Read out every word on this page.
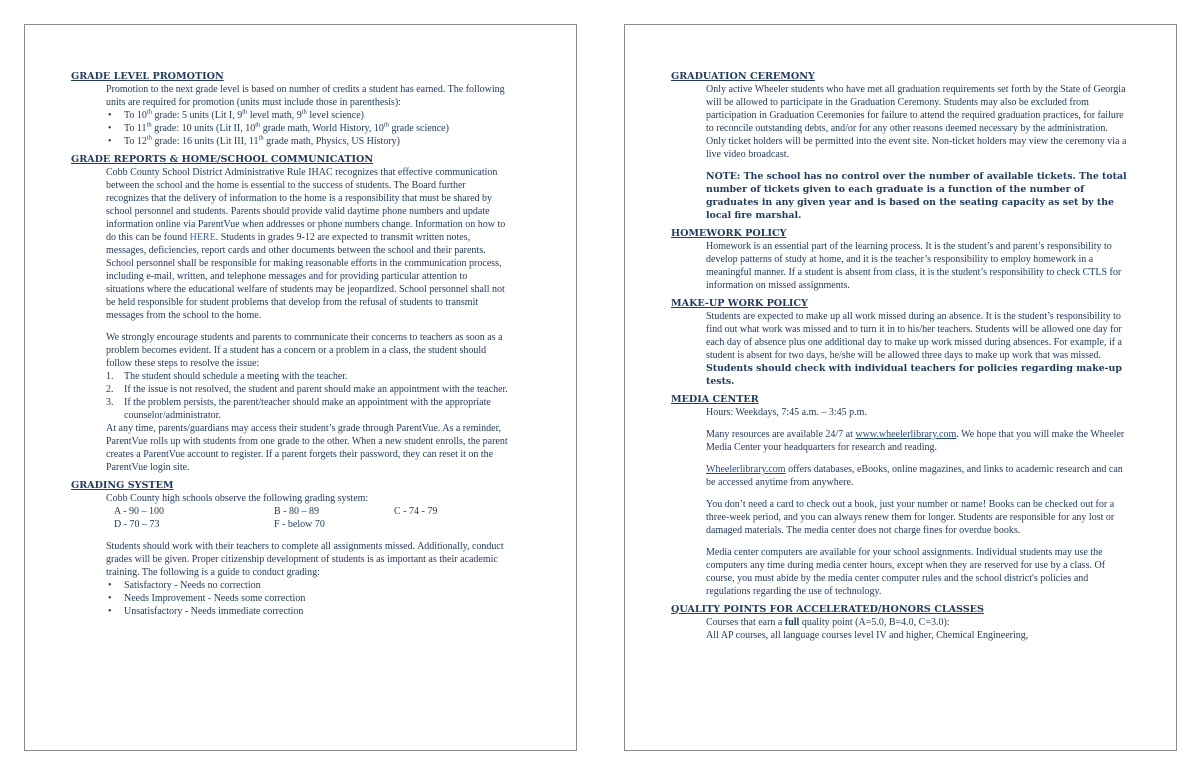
GRADE LEVEL PROMOTION

Promotion to the next grade level is based on number of credits a student has earned. The following units are required for promotion (units must include those in parenthesis):

• To 10th grade: 5 units (Lit I, 9th level math, 9th level science)
• To 11th grade: 10 units (Lit II, 10th grade math, World History, 10th grade science)
• To 12th grade: 16 units (Lit III, 11th grade math, Physics, US History)
GRADE REPORTS & HOME/SCHOOL COMMUNICATION

Cobb County School District Administrative Rule IHAC recognizes that effective communication between the school and the home is essential to the success of students. The Board further recognizes that the delivery of information to the home is a responsibility that must be shared by school personnel and students. Parents should provide valid daytime phone numbers and update information online via ParentVue when addresses or phone numbers change. Information on how to do this can be found HERE. Students in grades 9-12 are expected to transmit written notes, messages, deficiencies, report cards and other documents between the school and their parents. School personnel shall be responsible for making reasonable efforts in the communication process, including e-mail, written, and telephone messages and for providing particular attention to situations where the educational welfare of students may be jeopardized. School personnel shall not be held responsible for student problems that develop from the refusal of students to transmit messages from the school to the home.

We strongly encourage students and parents to communicate their concerns to teachers as soon as a problem becomes evident. If a student has a concern or a problem in a class, the student should follow these steps to resolve the issue:

1. The student should schedule a meeting with the teacher.
2. If the issue is not resolved, the student and parent should make an appointment with the teacher.
3. If the problem persists, the parent/teacher should make an appointment with the appropriate counselor/administrator.

At any time, parents/guardians may access their student’s grade through ParentVue. As a reminder, ParentVue rolls up with students from one grade to the other. When a new student enrolls, the parent creates a ParentVue account to register. If a parent forgets their password, they can reset it on the ParentVue login site.

GRADING SYSTEM

Cobb County high schools observe the following grading system:

A - 90 – 100	B - 80 – 89	C - 74 - 79
D - 70 – 73	F - below 70

Students should work with their teachers to complete all assignments missed. Additionally, conduct grades will be given. Proper citizenship development of students is as important as their academic training. The following is a guide to conduct grading:

• Satisfactory - Needs no correction
• Needs Improvement - Needs some correction
• Unsatisfactory - Needs immediate correction
GRADUATION CEREMONY

Only active Wheeler students who have met all graduation requirements set forth by the State of Georgia will be allowed to participate in the Graduation Ceremony. Students may also be excluded from participation in Graduation Ceremonies for failure to attend the required graduation practices, for failure to reconcile outstanding debts, and/or for any other reasons deemed necessary by the administration. Only ticket holders will be permitted into the event site. Non-ticket holders may view the ceremony via a live video broadcast.

NOTE: The school has no control over the number of available tickets. The total number of tickets given to each graduate is a function of the number of graduates in any given year and is based on the seating capacity as set by the local fire marshal.

HOMEWORK POLICY

Homework is an essential part of the learning process. It is the student’s and parent’s responsibility to develop patterns of study at home, and it is the teacher’s responsibility to employ homework in a meaningful manner. If a student is absent from class, it is the student’s responsibility to check CTLS for information on missed assignments.

MAKE-UP WORK POLICY

Students are expected to make up all work missed during an absence. It is the student’s responsibility to find out what work was missed and to turn it in to his/her teachers. Students will be allowed one day for each day of absence plus one additional day to make up work missed during absences. For example, if a student is absent for two days, he/she will be allowed three days to make up work that was missed. Students should check with individual teachers for policies regarding make-up tests.

MEDIA CENTER

Hours: Weekdays, 7:45 a.m. – 3:45 p.m.

Many resources are available 24/7 at www.wheelerlibrary.com. We hope that you will make the Wheeler Media Center your headquarters for research and reading.

Wheelerlibrary.com offers databases, eBooks, online magazines, and links to academic research and can be accessed anytime from anywhere.

You don’t need a card to check out a book, just your number or name! Books can be checked out for a three-week period, and you can always renew them for longer. Students are responsible for any lost or damaged materials. The media center does not charge fines for overdue books.

Media center computers are available for your school assignments. Individual students may use the computers any time during media center hours, except when they are reserved for use by a class. Of course, you must abide by the media center computer rules and the school district's policies and regulations regarding the use of technology.

QUALITY POINTS FOR ACCELERATED/HONORS CLASSES

Courses that earn a full quality point (A=5.0, B=4.0, C=3.0):

All AP courses, all language courses level IV and higher, Chemical Engineering,
